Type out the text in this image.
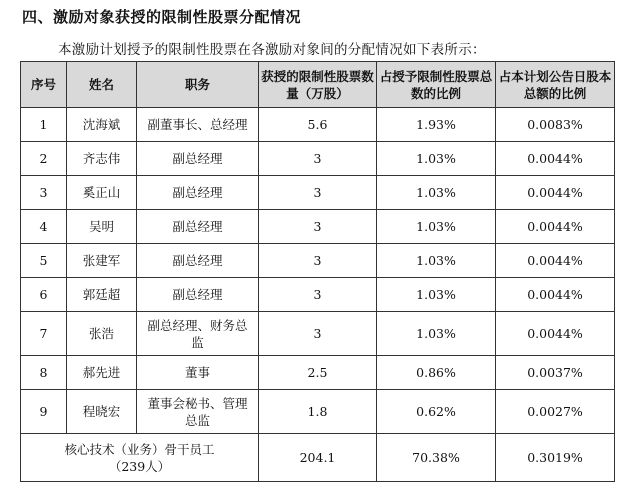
四、激励对象获授的限制性股票分配情况
本激励计划授予的限制性股票在各激励对象间的分配情况如下表所示：
序号	姓名	职务	获授的限制性股票数量（万股）	占授予限制性股票总数的比例	占本计划公告日股本总额的比例
1	沈海斌	副董事长、总经理	5.6	1.93%	0.0083%
2	齐志伟	副总经理	3	1.03%	0.0044%
3	奚正山	副总经理	3	1.03%	0.0044%
4	吴明	副总经理	3	1.03%	0.0044%
5	张建军	副总经理	3	1.03%	0.0044%
6	郭廷超	副总经理	3	1.03%	0.0044%
7	张浩	副总经理、财务总监	3	1.03%	0.0044%
8	郝先进	董事	2.5	0.86%	0.0037%
9	程晓宏	董事会秘书、管理总监	1.8	0.62%	0.0027%
核心技术（业务）骨干员工（239人）			204.1	70.38%	0.3019%
